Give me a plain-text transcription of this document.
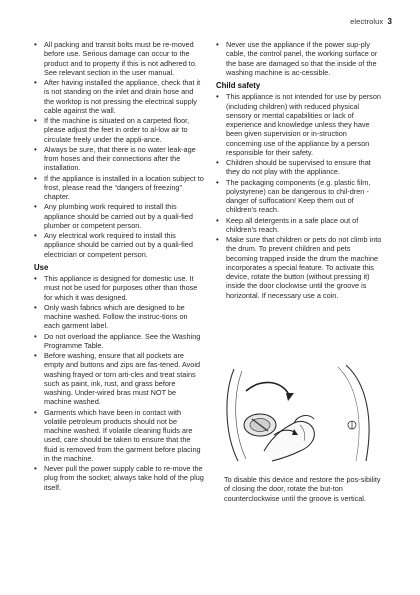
electrolux 3
• All packing and transit bolts must be re-moved before use. Serious damage can occur to the product and to property if this is not adhered to. See relevant section in the user manual.
• After having installed the appliance, check that it is not standing on the inlet and drain hose and the worktop is not pressing the electrical supply cable against the wall.
• If the machine is situated on a carpeted floor, please adjust the feet in order to al-low air to circulate freely under the appli-ance.
• Always be sure, that there is no water leak-age from hoses and their connections after the installation.
• If the appliance is installed in a location subject to frost, please read the “dangers of freezing” chapter.
• Any plumbing work required to install this appliance should be carried out by a quali-fied plumber or competent person.
• Any electrical work required to install this appliance should be carried out by a quali-fied electrician or competent person.
Use
• This appliance is designed for domestic use. It must not be used for purposes other than those for which it was designed.
• Only wash fabrics which are designed to be machine washed. Follow the instruc-tions on each garment label.
• Do not overload the appliance. See the Washing Programme Table.
• Before washing, ensure that all pockets are empty and buttons and zips are fas-tened. Avoid washing frayed or torn arti-cles and treat stains such as paint, ink, rust, and grass before washing. Under-wired bras must NOT be machine washed.
• Garments which have been in contact with volatile petroleum products should not be machine washed. If volatile cleaning fluids are used, care should be taken to ensure that the fluid is removed from the garment before placing in the machine.
• Never pull the power supply cable to re-move the plug from the socket; always take hold of the plug itself.
• Never use the appliance if the power sup-ply cable, the control panel, the working surface or the base are damaged so that the inside of the washing machine is ac-cessible.
Child safety
• This appliance is not intended for use by person (including children) with reduced physical sensory or mental capabilities or lack of experience and knowledge unless they have been given supervision or in-struction concerning use of the appliance by a person responsible for their safety.
• Children should be supervised to ensure that they do not play with the appliance.
• The packaging components (e.g. plastic film, polystyrene) can be dangerous to chil-dren - danger of suffocation! Keep them out of children’s reach.
• Keep all detergents in a safe place out of children’s reach.
• Make sure that children or pets do not climb into the drum. To prevent children and pets becoming trapped inside the drum the machine incorporates a special feature. To activate this device, rotate the button (without pressing it) inside the door clockwise until the groove is horizontal. If necessary use a coin.
To disable this device and restore the pos-sibility of closing the door, rotate the but-ton counterclockwise until the groove is vertical.
